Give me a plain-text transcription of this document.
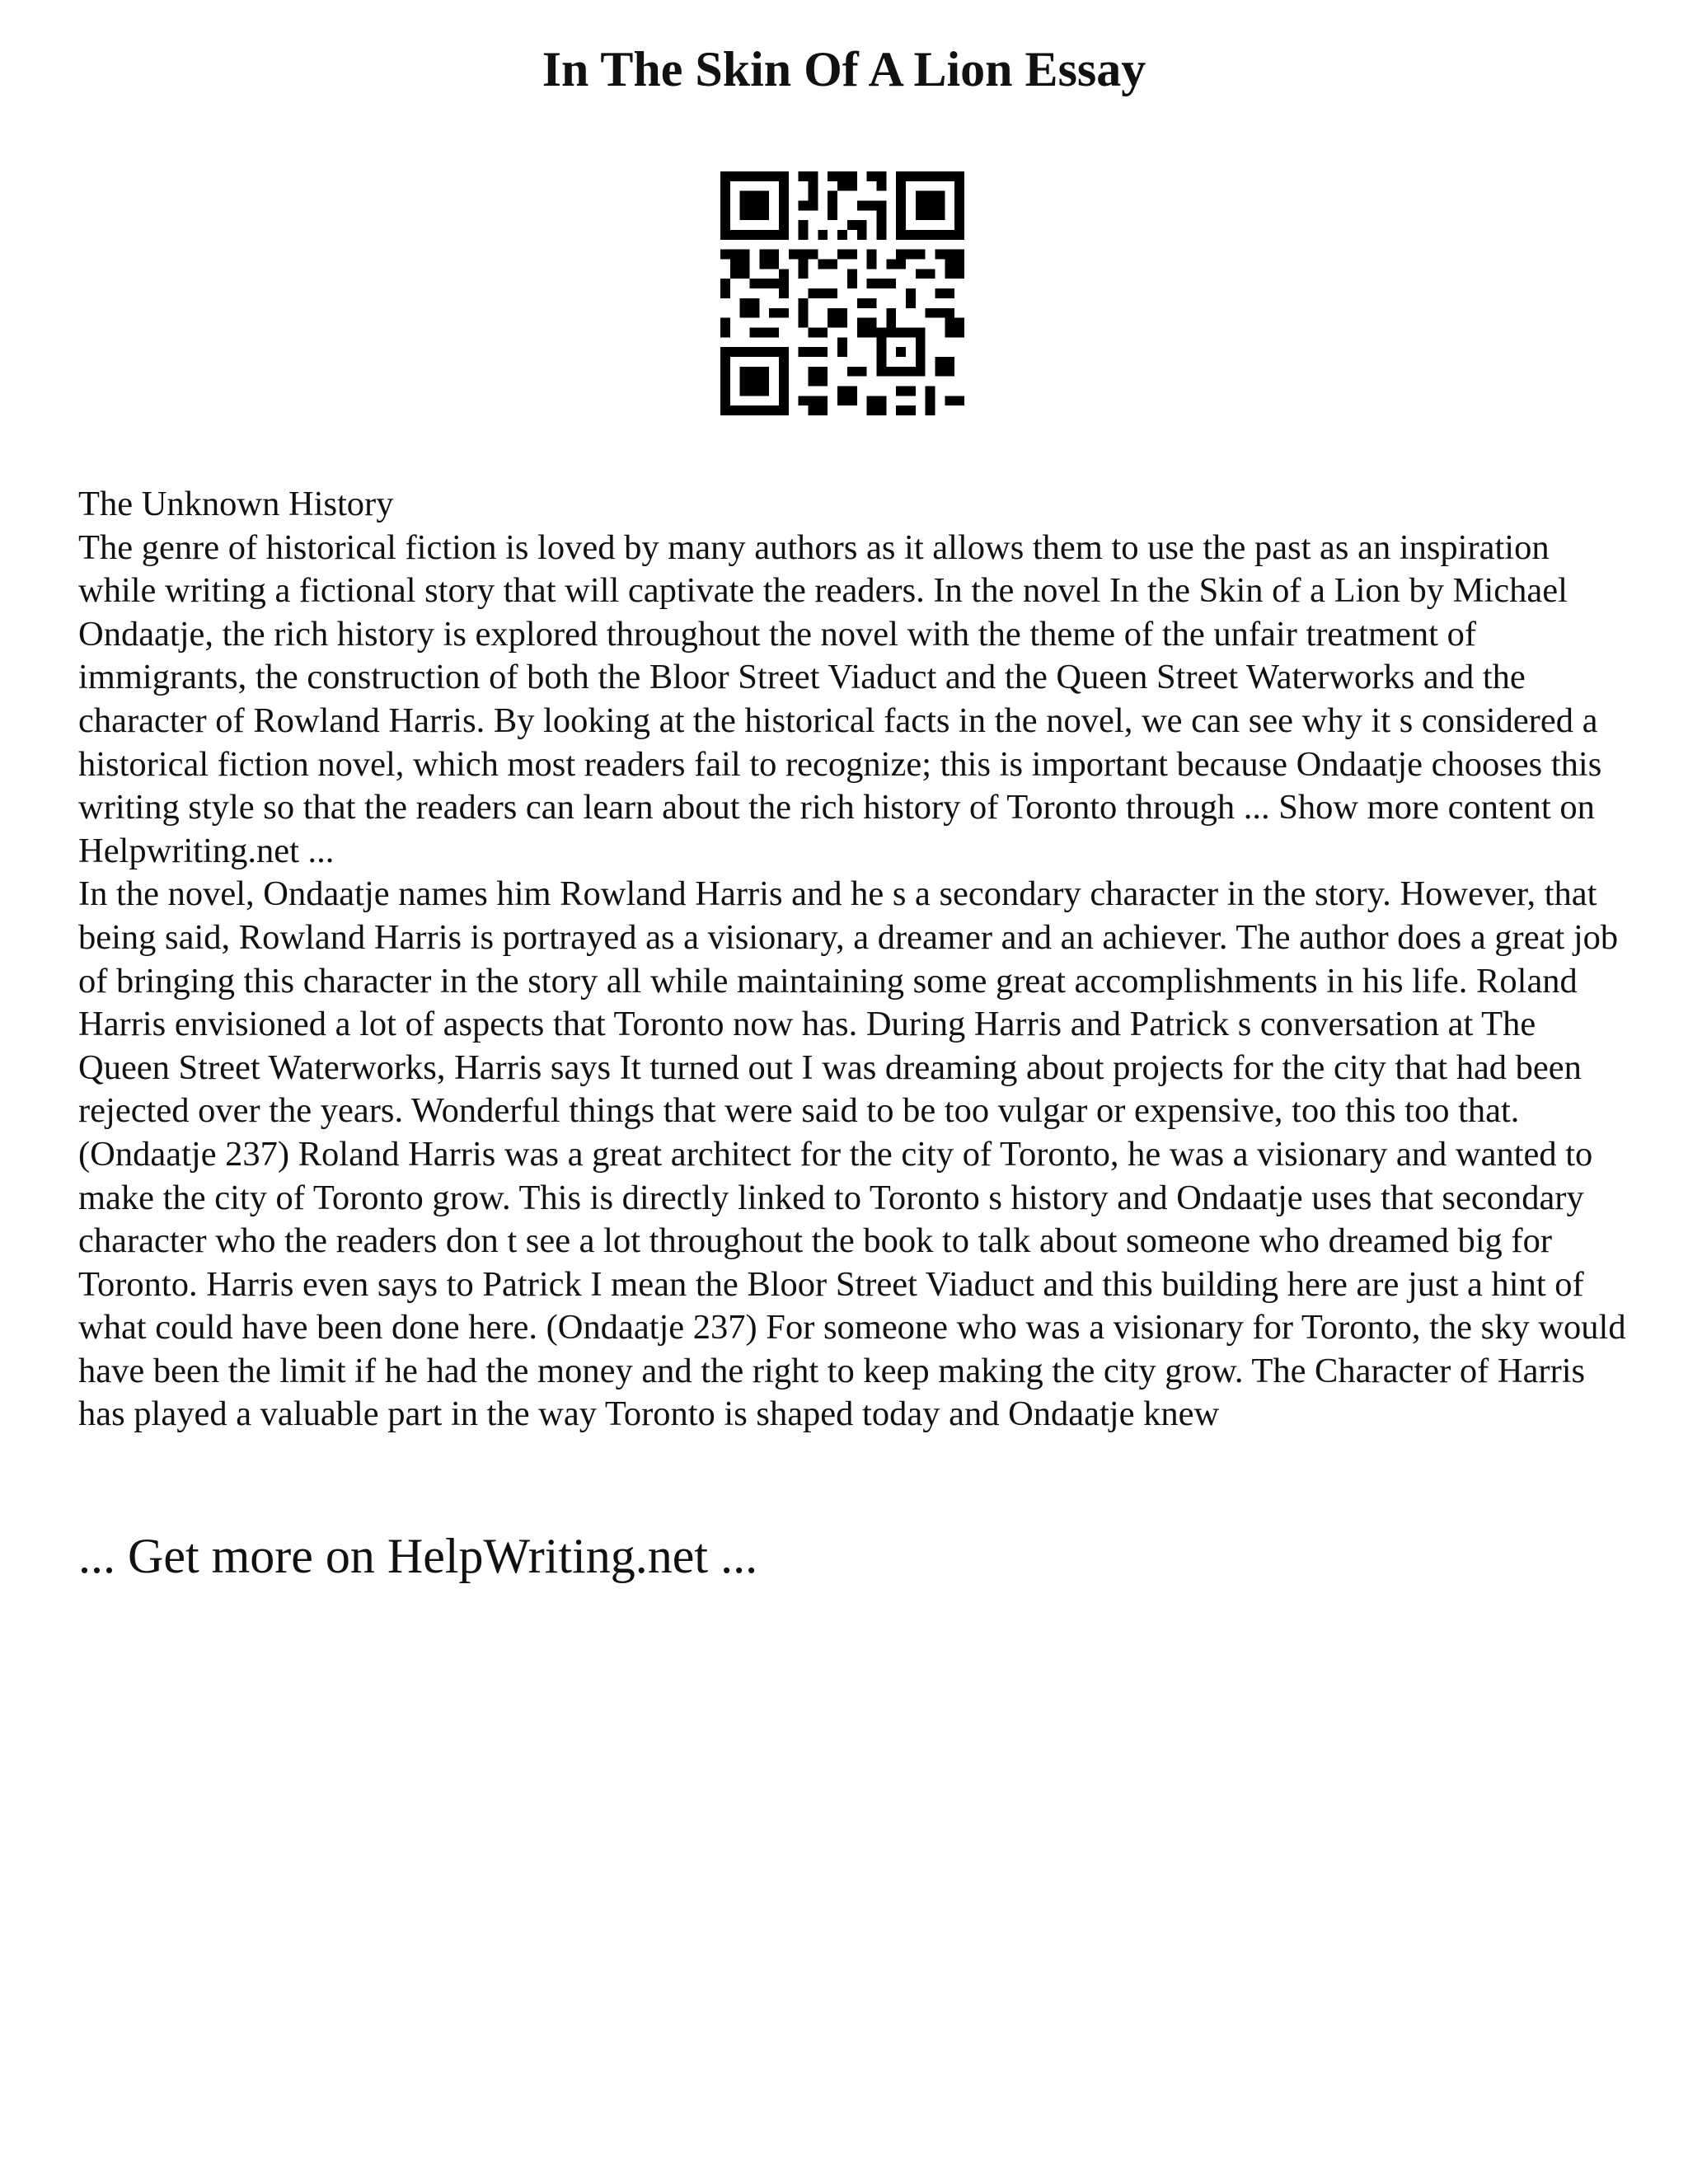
In The Skin Of A Lion Essay

The Unknown History

The genre of historical fiction is loved by many authors as it allows them to use the past as an inspiration while writing a fictional story that will captivate the readers. In the novel In the Skin of a Lion by Michael Ondaatje, the rich history is explored throughout the novel with the theme of the unfair treatment of immigrants, the construction of both the Bloor Street Viaduct and the Queen Street Waterworks and the character of Rowland Harris. By looking at the historical facts in the novel, we can see why it s considered a historical fiction novel, which most readers fail to recognize; this is important because Ondaatje chooses this writing style so that the readers can learn about the rich history of Toronto through ... Show more content on Helpwriting.net ...

In the novel, Ondaatje names him Rowland Harris and he s a secondary character in the story. However, that being said, Rowland Harris is portrayed as a visionary, a dreamer and an achiever. The author does a great job of bringing this character in the story all while maintaining some great accomplishments in his life. Roland Harris envisioned a lot of aspects that Toronto now has. During Harris and Patrick s conversation at The Queen Street Waterworks, Harris says It turned out I was dreaming about projects for the city that had been rejected over the years. Wonderful things that were said to be too vulgar or expensive, too this too that. (Ondaatje 237) Roland Harris was a great architect for the city of Toronto, he was a visionary and wanted to make the city of Toronto grow. This is directly linked to Toronto s history and Ondaatje uses that secondary character who the readers don t see a lot throughout the book to talk about someone who dreamed big for Toronto. Harris even says to Patrick I mean the Bloor Street Viaduct and this building here are just a hint of what could have been done here. (Ondaatje 237) For someone who was a visionary for Toronto, the sky would have been the limit if he had the money and the right to keep making the city grow. The Character of Harris has played a valuable part in the way Toronto is shaped today and Ondaatje knew

... Get more on HelpWriting.net ...
